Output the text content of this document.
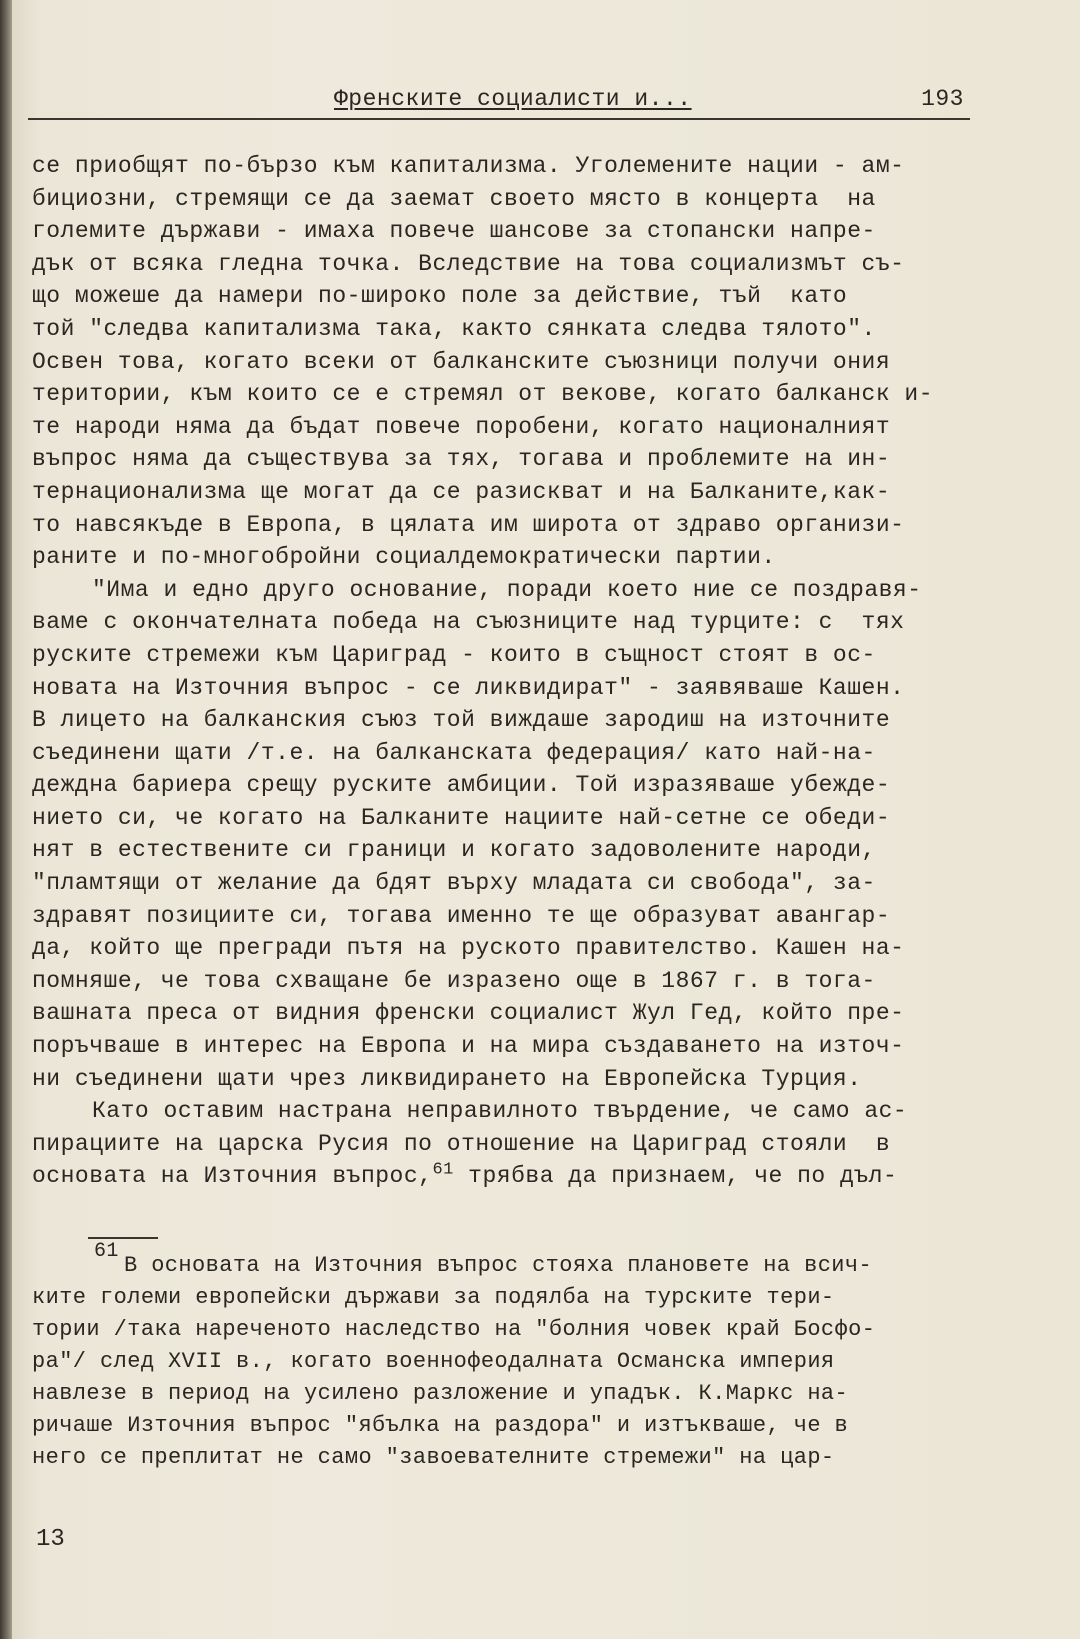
Френските социалисти и...	193
се приобщят по-бързо към капитализма. Уголемените нации - ам-
бициозни, стремящи се да заемат своето място в концерта  на
големите държави - имаха повече шансове за стопански напре-
дък от всяка гледна точка. Вследствие на това социализмът съ-
що можеше да намери по-широко поле за действие, тъй  като
той "следва капитализма така, както сянката следва тялото".
Освен това, когато всеки от балканските съюзници получи ония
територии, към които се е стремял от векове, когато балканск и-
те народи няма да бъдат повече поробени, когато националният
въпрос няма да съществува за тях, тогава и проблемите на ин-
тернационализма ще могат да се разискват и на Балканите,как-
то навсякъде в Европа, в цялата им широта от здраво организи-
раните и по-многобройни социалдемократически партии.
"Има и едно друго основание, поради което ние се поздравя-
ваме с окончателната победа на съюзниците над турците: с  тях
руските стремежи към Цариград - които в същност стоят в ос-
новата на Източния въпрос - се ликвидират" - заявяваше Кашен.
В лицето на балканския съюз той виждаше зародиш на източните
съединени щати /т.е. на балканската федерация/ като най-на-
деждна бариера срещу руските амбиции. Той изразяваше убежде-
нието си, че когато на Балканите нациите най-сетне се обеди-
нят в естествените си граници и когато задоволените народи,
"пламтящи от желание да бдят върху младата си свобода", за-
здравят позициите си, тогава именно те ще образуват авангар-
да, който ще прегради пътя на руското правителство. Кашен на-
помняше, че това схващане бе изразено още в 1867 г. в тога-
вашната преса от видния френски социалист Жул Гед, който пре-
поръчваше в интерес на Европа и на мира създаването на източ-
ни съединени щати чрез ликвидирането на Европейска Турция.
Като оставим настрана неправилното твърдение, че само ас-
пирациите на царска Русия по отношение на Цариград стояли  в
основата на Източния въпрос,$^{61}$ трябва да признаем, че по дъл-
61
В основата на Източния въпрос стояха плановете на всич-
ките големи европейски държави за подялба на турските тери-
тории /така нареченото наследство на "болния човек край Босфо-
ра"/ след XVII в., когато военнофеодалната Османска империя
навлезе в период на усилено разложение и упадък. К.Маркс на-
ричаше Източния въпрос "ябълка на раздора" и изтъкваше, че в
него се преплитат не само "завоевателните стремежи" на цар-
13
